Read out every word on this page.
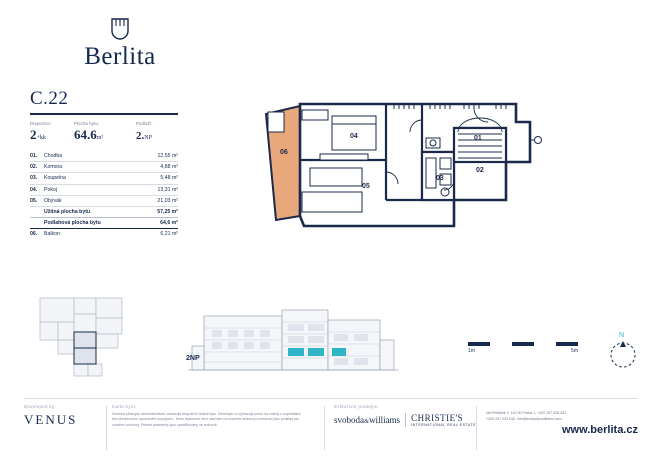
Berlita
C.22
Dispozice:
2+kk
Plocha bytu:
64.6m²
Podlaží:
2.NP
01.	Chodba	12,55 m²
02.	Komora	4,88 m²
03.	Koupelna	5,48 m²
04.	Pokoj	13,31 m²
05.	Obývák	21,03 m²
	Užitná plocha bytu	57,25 m²
	Podlahová plocha bytu	64,6 m²
06.	Balkon	6,21 m²
06
04	01
02
03
05
2NP
1m	5m
N
Developed by:
VENUS
Karta bytu:

Schéma půdorysu demonstrativně zobrazuje dispoziční řešení bytu. Developer si vyhrazuje právo na změny v uspořádání bez předchozího upozornění kupujícího. Tento dokument není návrhem na uzavření smlouvy a neslouží jako podklad pro uzavření smlouvy. Přesné parametry jsou specifikovány ve smlouvě.

Exkluzivní prodejce:
svoboda&williams CHRISTIE'S
INTERNATIONAL REAL ESTATE
Na Perštýně 2, 110 00 Praha 1, +420 257 328 281
+420 257 233 032, info@svoboda-williams.com
www.berlita.cz
